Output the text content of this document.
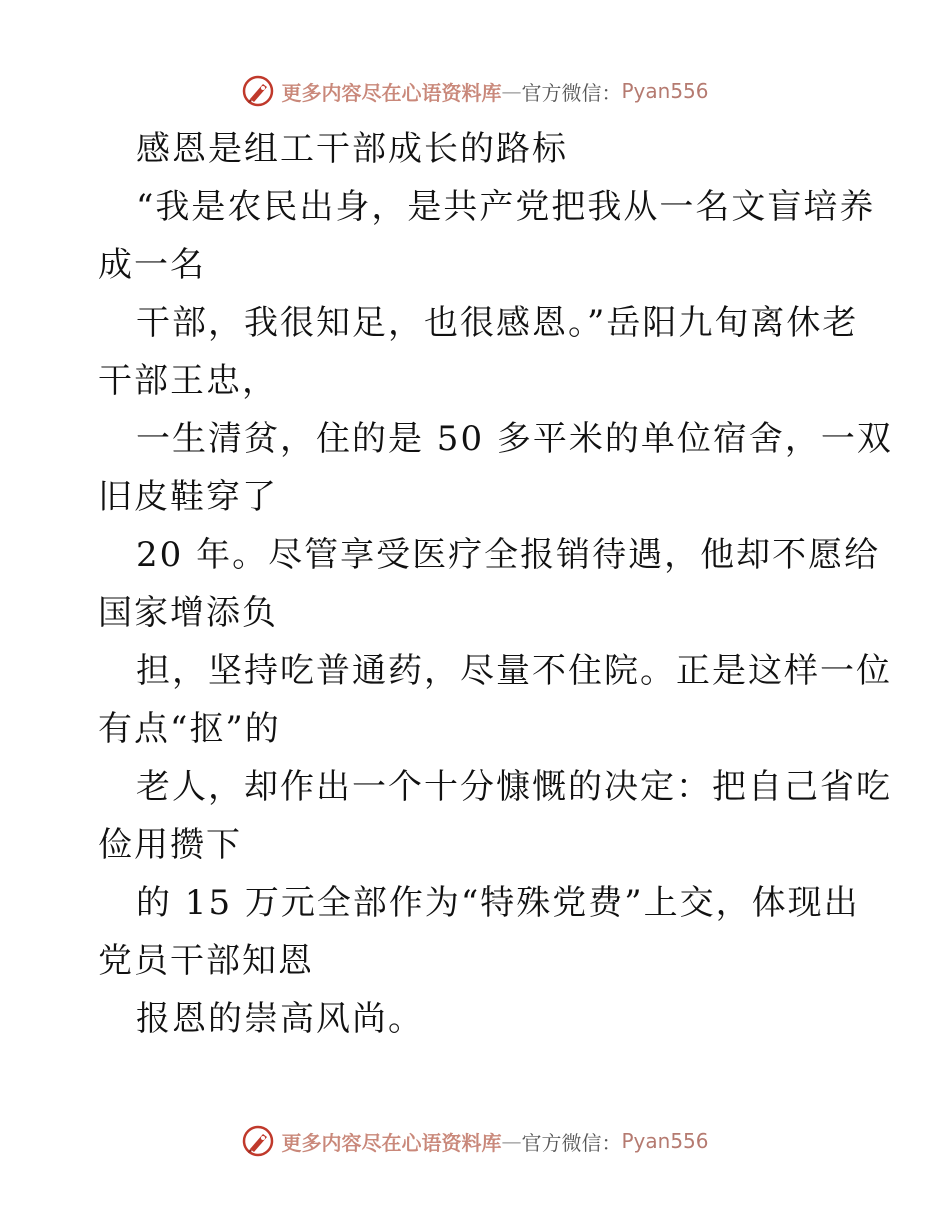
更多内容尽在心语资料库 — 官方微信： Pyan556
感恩是组工干部成长的路标
“我是农民出身，是共产党把我从一名文盲培养
成一名
干部，我很知足，也很感恩。”岳阳九旬离休老
干部王忠，
一生清贫，住的是 50 多平米的单位宿舍，一双
旧皮鞋穿了
20 年。尽管享受医疗全报销待遇，他却不愿给
国家增添负
担，坚持吃普通药，尽量不住院。正是这样一位
有点“抠”的
老人，却作出一个十分慷慨的决定：把自己省吃
俭用攒下
的 15 万元全部作为“特殊党费”上交，体现出
党员干部知恩
报恩的崇高风尚。
更多内容尽在心语资料库 — 官方微信： Pyan556
